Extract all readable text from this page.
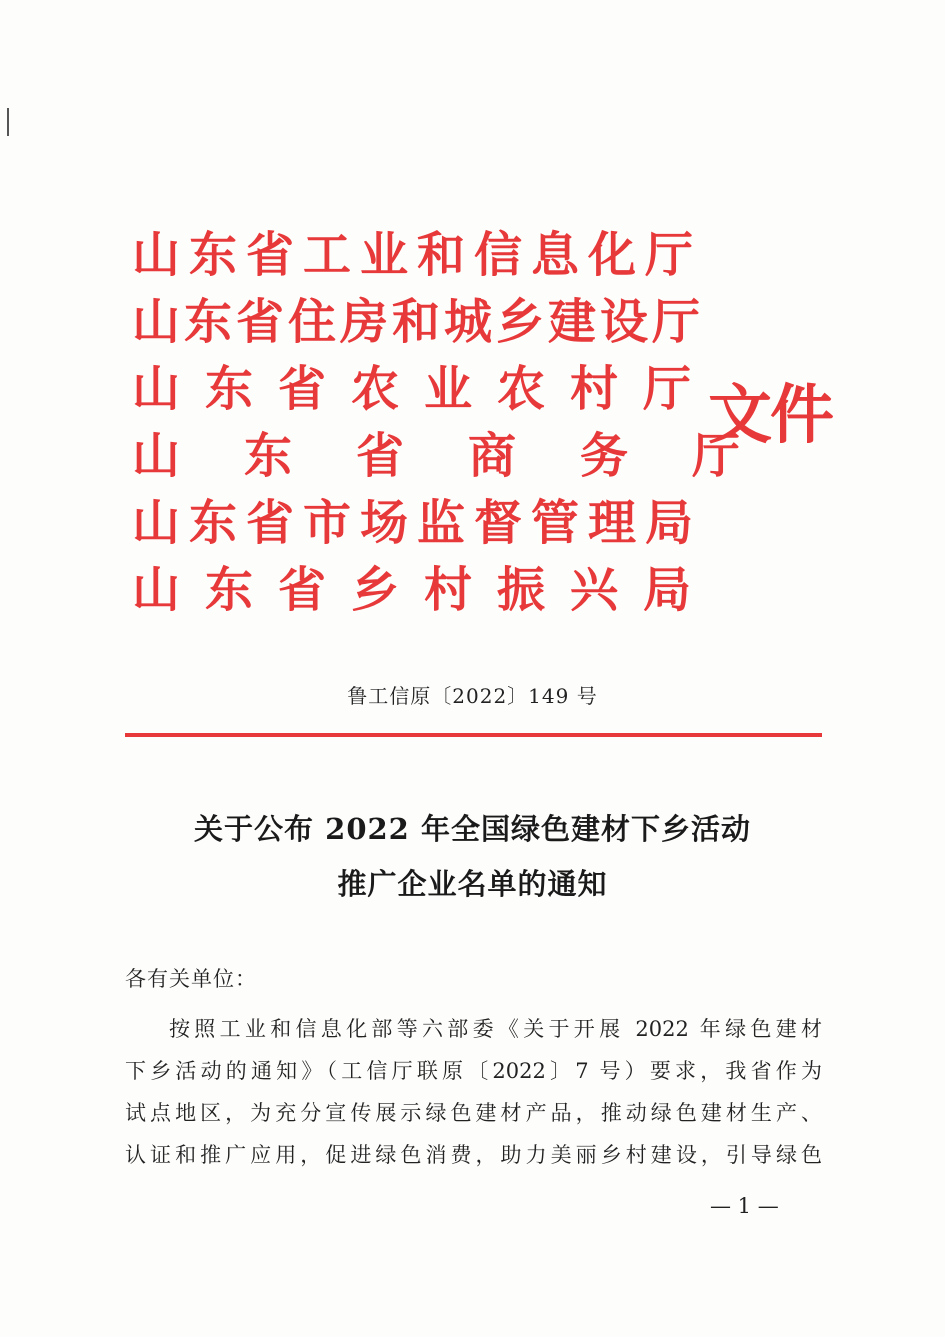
山东省工业和信息化厅
山东省住房和城乡建设厅
山东省农业农村厅
山东省商务厅
山东省市场监督管理局
山东省乡村振兴局
文件
鲁工信原〔2022〕149 号
关于公布 2022 年全国绿色建材下乡活动
推广企业名单的通知
各有关单位：
按照工业和信息化部等六部委《关于开展 2022 年绿色建材
下乡活动的通知》（工信厅联原〔2022〕7 号）要求，我省作为
试点地区，为充分宣传展示绿色建材产品，推动绿色建材生产、
认证和推广应用，促进绿色消费，助力美丽乡村建设，引导绿色
— 1 —
